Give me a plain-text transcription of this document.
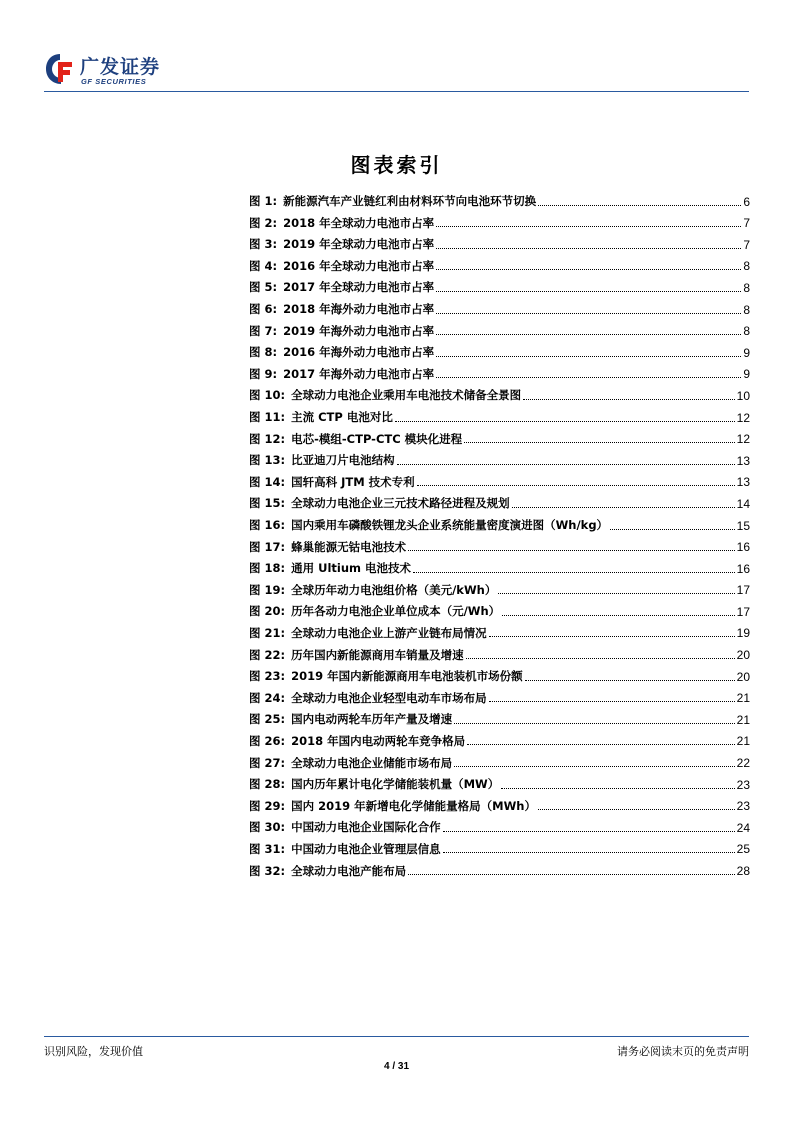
广发证券
GF SECURITIES
图表索引
图 1: 新能源汽车产业链红利由材料环节向电池环节切换	6
图 2: 2018 年全球动力电池市占率	7
图 3: 2019 年全球动力电池市占率	7
图 4: 2016 年全球动力电池市占率	8
图 5: 2017 年全球动力电池市占率	8
图 6: 2018 年海外动力电池市占率	8
图 7: 2019 年海外动力电池市占率	8
图 8: 2016 年海外动力电池市占率	9
图 9: 2017 年海外动力电池市占率	9
图 10: 全球动力电池企业乘用车电池技术储备全景图	10
图 11: 主流 CTP 电池对比	12
图 12: 电芯-模组-CTP-CTC 模块化进程	12
图 13: 比亚迪刀片电池结构	13
图 14: 国轩高科 JTM 技术专利	13
图 15: 全球动力电池企业三元技术路径进程及规划	14
图 16: 国内乘用车磷酸铁锂龙头企业系统能量密度演进图（Wh/kg）	15
图 17: 蜂巢能源无钴电池技术	16
图 18: 通用 Ultium 电池技术	16
图 19: 全球历年动力电池组价格（美元/kWh）	17
图 20: 历年各动力电池企业单位成本（元/Wh）	17
图 21: 全球动力电池企业上游产业链布局情况	19
图 22: 历年国内新能源商用车销量及增速	20
图 23: 2019 年国内新能源商用车电池装机市场份额	20
图 24: 全球动力电池企业轻型电动车市场布局	21
图 25: 国内电动两轮车历年产量及增速	21
图 26: 2018 年国内电动两轮车竞争格局	21
图 27: 全球动力电池企业储能市场布局	22
图 28: 国内历年累计电化学储能装机量（MW）	23
图 29: 国内 2019 年新增电化学储能量格局（MWh）	23
图 30: 中国动力电池企业国际化合作	24
图 31: 中国动力电池企业管理层信息	25
图 32: 全球动力电池产能布局	28
识别风险，发现价值	请务必阅读末页的免责声明
4 / 31
